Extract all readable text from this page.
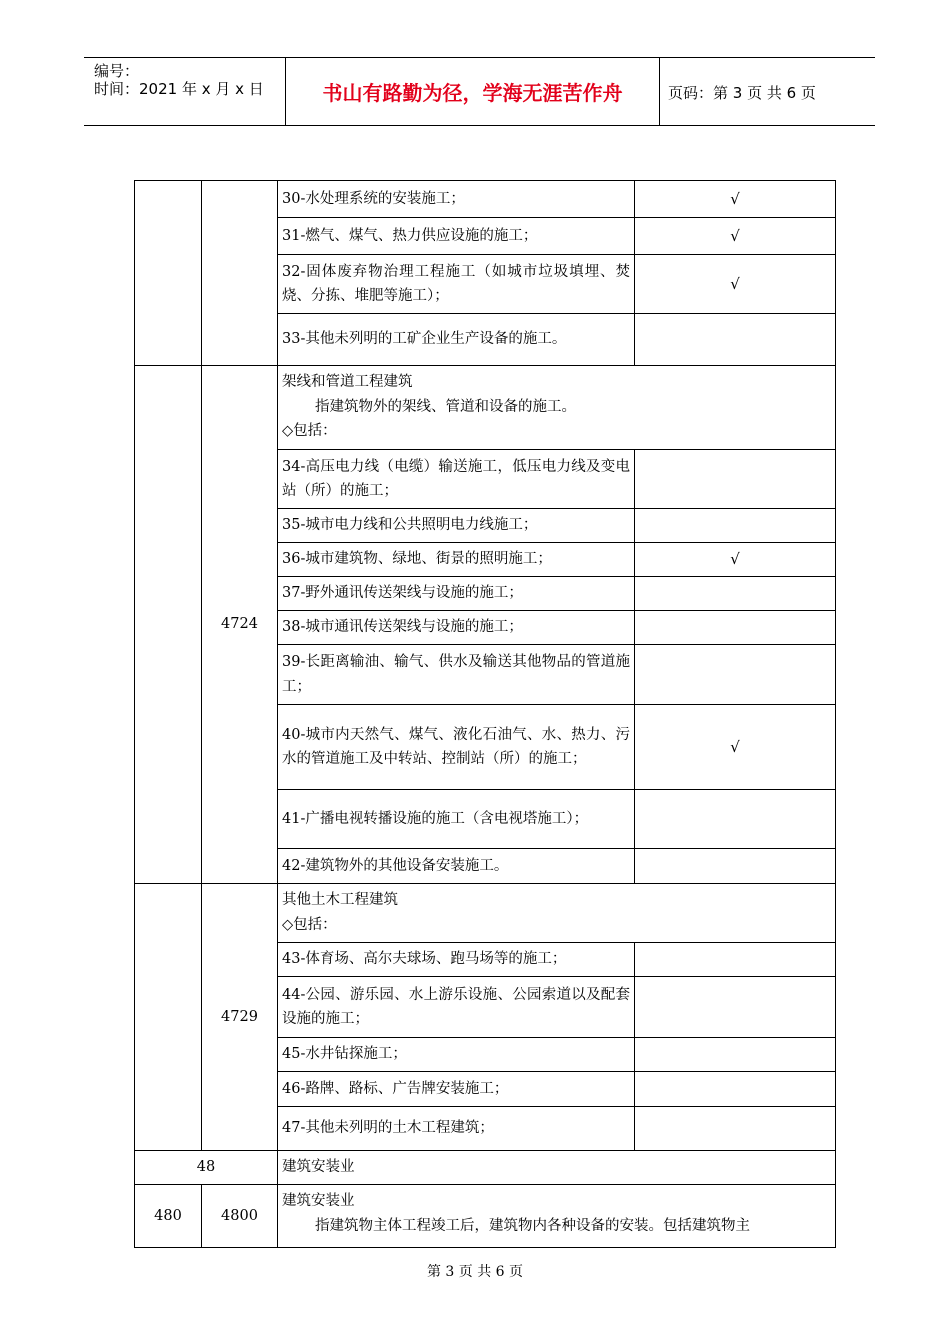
编号：
时间：2021 年 x 月 x 日	书山有路勤为径，学海无涯苦作舟	页码：第 3 页 共 6 页
		30-水处理系统的安装施工；	√
		31-燃气、煤气、热力供应设施的施工；	√
		32-固体废弃物治理工程施工（如城市垃圾填埋、焚烧、分拣、堆肥等施工）；	√
		33-其他未列明的工矿企业生产设备的施工。	
	4724	架线和管道工程建筑

指建筑物外的架线、管道和设备的施工。
◇包括：	
		34-高压电力线（电缆）输送施工，低压电力线及变电站（所）的施工；	
		35-城市电力线和公共照明电力线施工；	
		36-城市建筑物、绿地、街景的照明施工；	√
		37-野外通讯传送架线与设施的施工；	
		38-城市通讯传送架线与设施的施工；	
		39-长距离输油、输气、供水及输送其他物品的管道施工；	
		40-城市内天然气、煤气、液化石油气、水、热力、污水的管道施工及中转站、控制站（所）的施工；	√
		41-广播电视转播设施的施工（含电视塔施工）；	
		42-建筑物外的其他设备安装施工。	
	4729	其他土木工程建筑
◇包括：	
		43-体育场、高尔夫球场、跑马场等的施工；	
		44-公园、游乐园、水上游乐设施、公园索道以及配套设施的施工；	
		45-水井钻探施工；	
		46-路牌、路标、广告牌安装施工；	
		47-其他未列明的土木工程建筑；	
48		建筑安装业	
480	4800	建筑安装业

指建筑物主体工程竣工后，建筑物内各种设备的安装。包括建筑物主	
第 3 页 共 6 页
